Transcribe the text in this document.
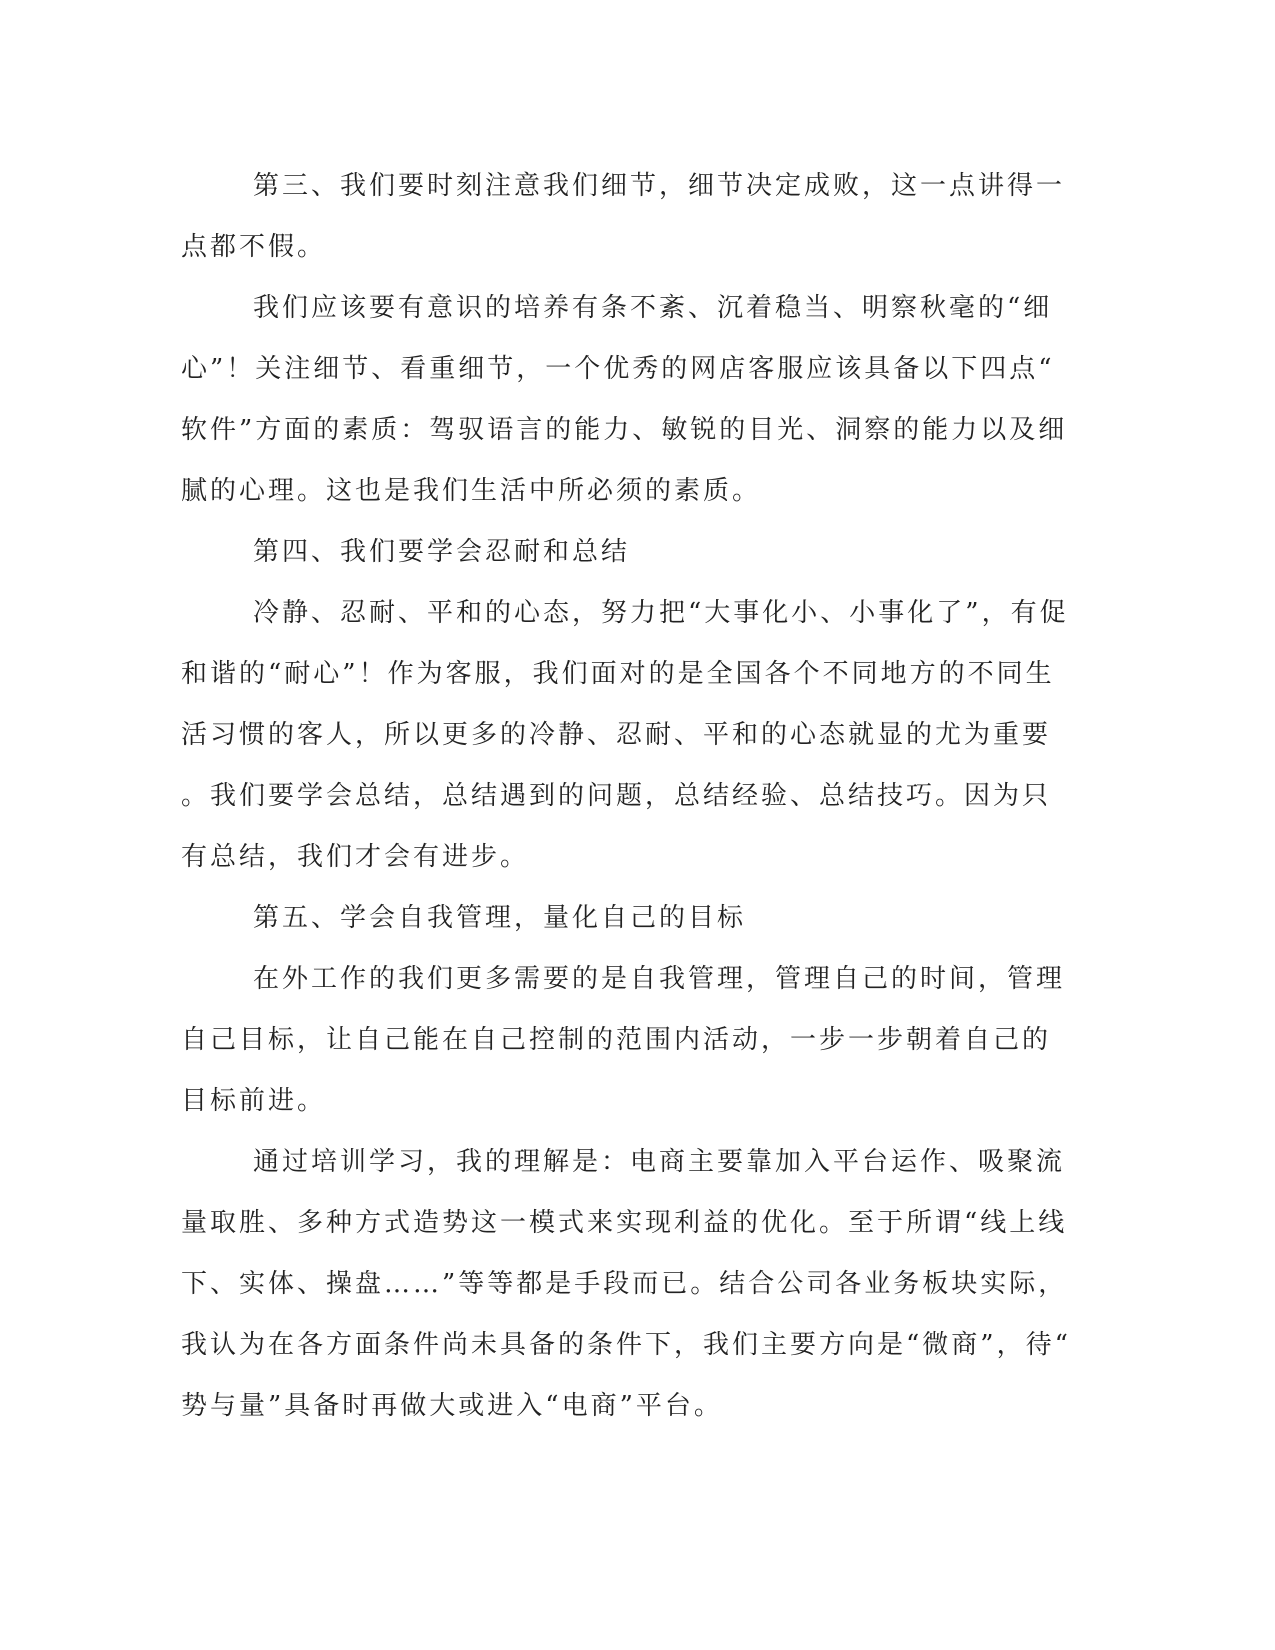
第三、我们要时刻注意我们细节，细节决定成败，这一点讲得一
点都不假。
我们应该要有意识的培养有条不紊、沉着稳当、明察秋毫的“细
心”！关注细节、看重细节，一个优秀的网店客服应该具备以下四点“
软件”方面的素质：驾驭语言的能力、敏锐的目光、洞察的能力以及细
腻的心理。这也是我们生活中所必须的素质。
第四、我们要学会忍耐和总结
冷静、忍耐、平和的心态，努力把“大事化小、小事化了”，有促
和谐的“耐心”！作为客服，我们面对的是全国各个不同地方的不同生
活习惯的客人，所以更多的冷静、忍耐、平和的心态就显的尤为重要
。我们要学会总结，总结遇到的问题，总结经验、总结技巧。因为只
有总结，我们才会有进步。
第五、学会自我管理，量化自己的目标
在外工作的我们更多需要的是自我管理，管理自己的时间，管理
自己目标，让自己能在自己控制的范围内活动，一步一步朝着自己的
目标前进。
通过培训学习，我的理解是：电商主要靠加入平台运作、吸聚流
量取胜、多种方式造势这一模式来实现利益的优化。至于所谓“线上线
下、实体、操盘……”等等都是手段而已。结合公司各业务板块实际，
我认为在各方面条件尚未具备的条件下，我们主要方向是“微商”，待“
势与量”具备时再做大或进入“电商”平台。
